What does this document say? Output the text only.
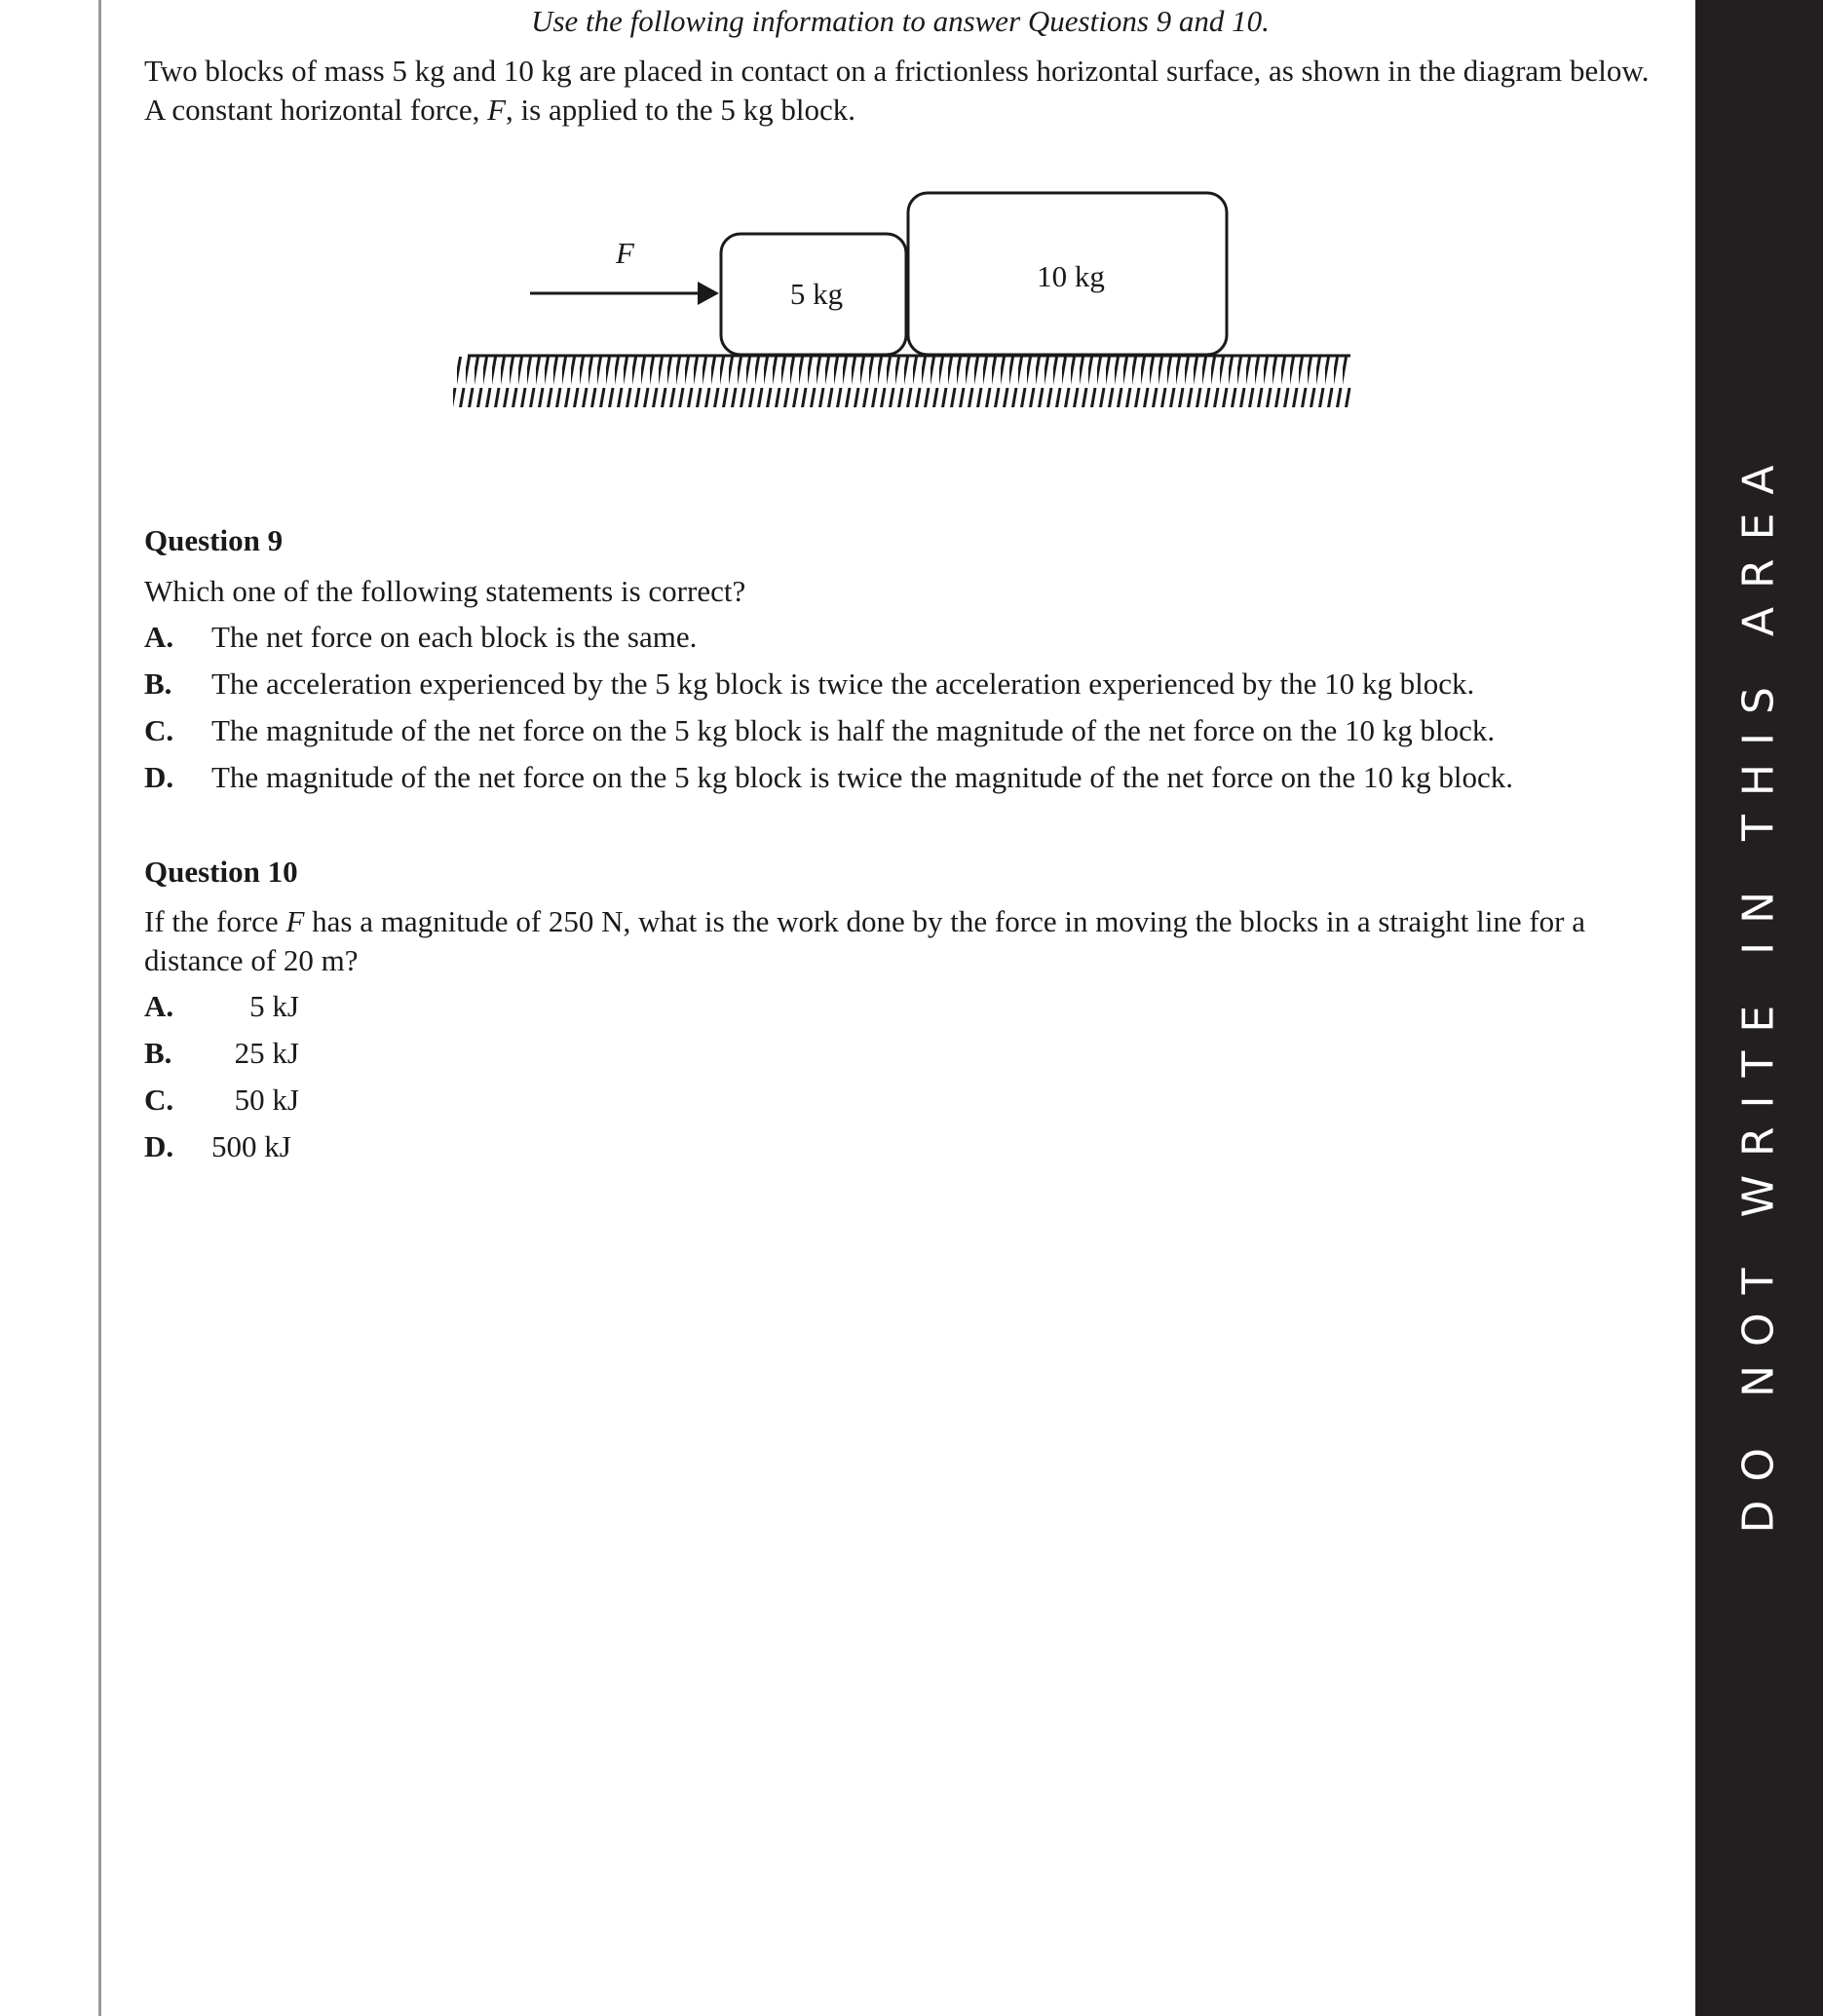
Use the following information to answer Questions 9 and 10.
Two blocks of mass 5 kg and 10 kg are placed in contact on a frictionless horizontal surface, as shown in the diagram below. A constant horizontal force, F, is applied to the 5 kg block.
F
5 kg
10 kg
Question 9
Which one of the following statements is correct?
A. The net force on each block is the same.
B. The acceleration experienced by the 5 kg block is twice the acceleration experienced by the 10 kg block.
C. The magnitude of the net force on the 5 kg block is half the magnitude of the net force on the 10 kg block.
D. The magnitude of the net force on the 5 kg block is twice the magnitude of the net force on the 10 kg block.
Question 10
If the force F has a magnitude of 250 N, what is the work done by the force in moving the blocks in a straight line for a distance of 20 m?
A.	5 kJ
B.	25 kJ
C.	50 kJ
D. 500 kJ	DO NOT WRITE IN THIS AREA
